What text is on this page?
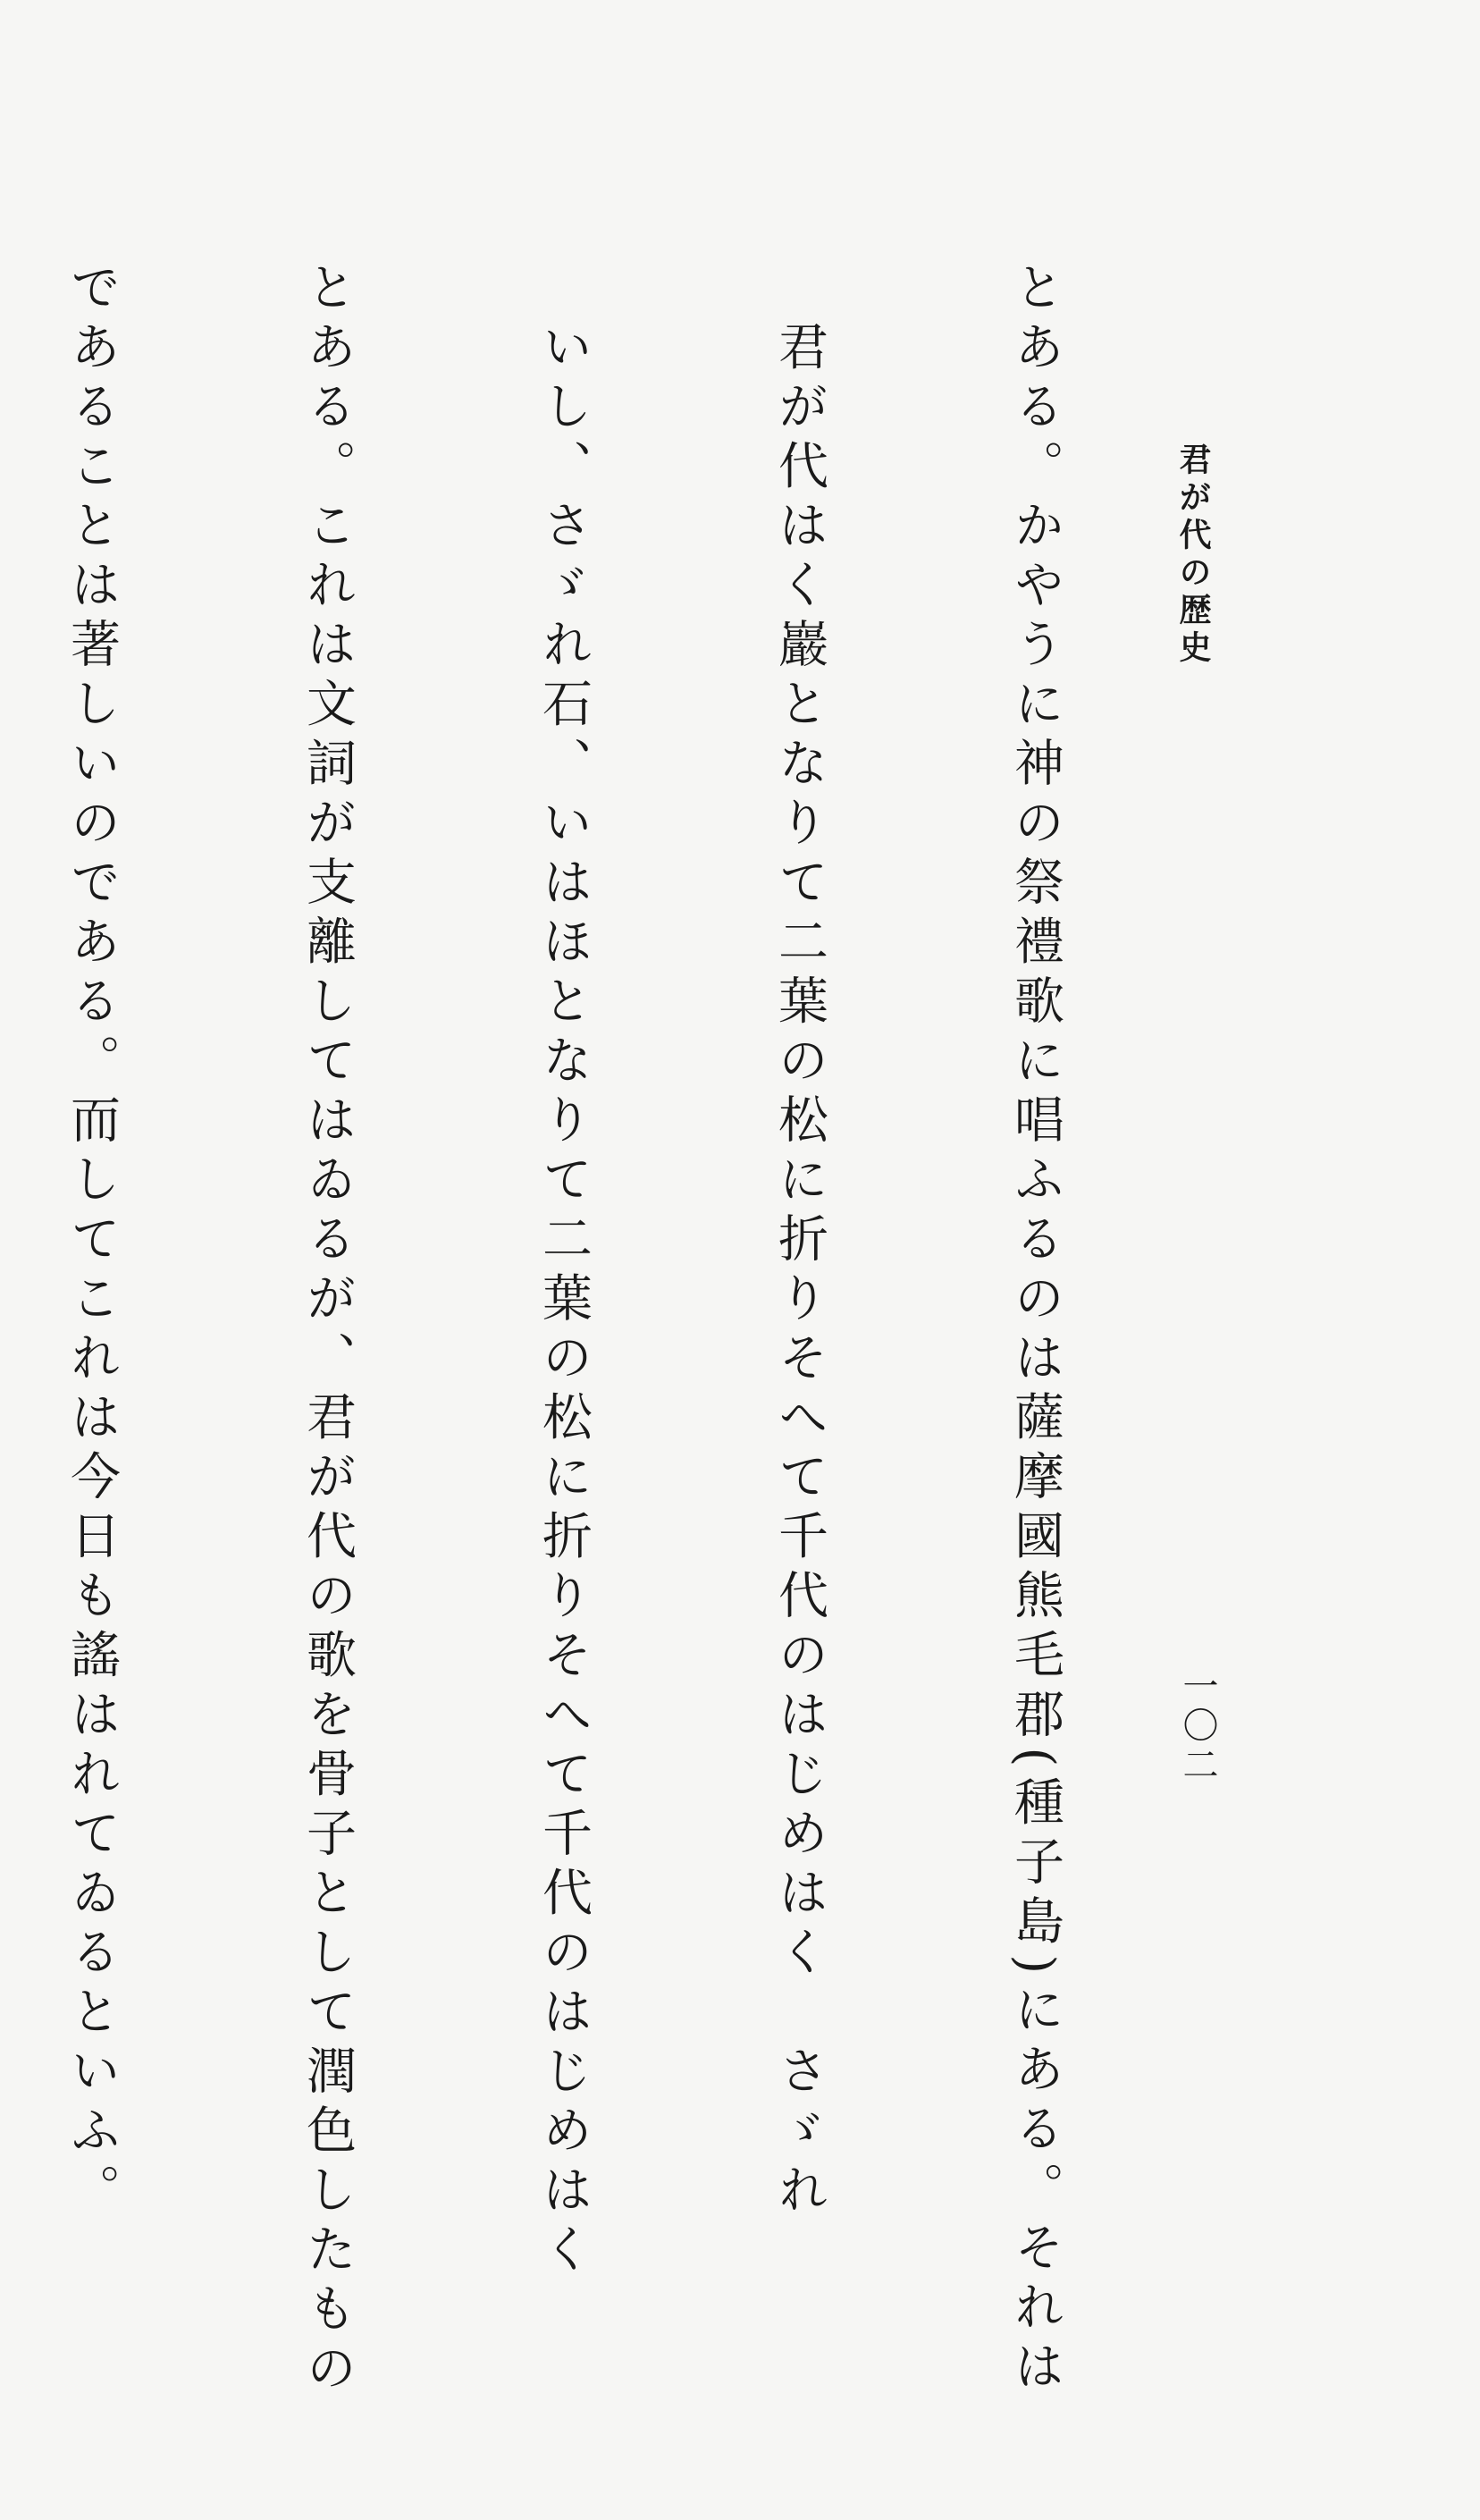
君が代の歴史

とある。かやうに神の祭禮歌に唱ふるのは薩摩國熊毛郡(種子島)にある。それは

　君が代はく巖となりて二葉の松に折りそへて千代のはじめはく　さゞれ

　いし、さゞれ石、いはほとなりて二葉の松に折りそへて千代のはじめはく

とある。これは文詞が支離してはゐるが、君が代の歌を骨子として潤色したもの

であることは著しいのである。而してこれは今日も謠はれてゐるといふ。

	一〇二
